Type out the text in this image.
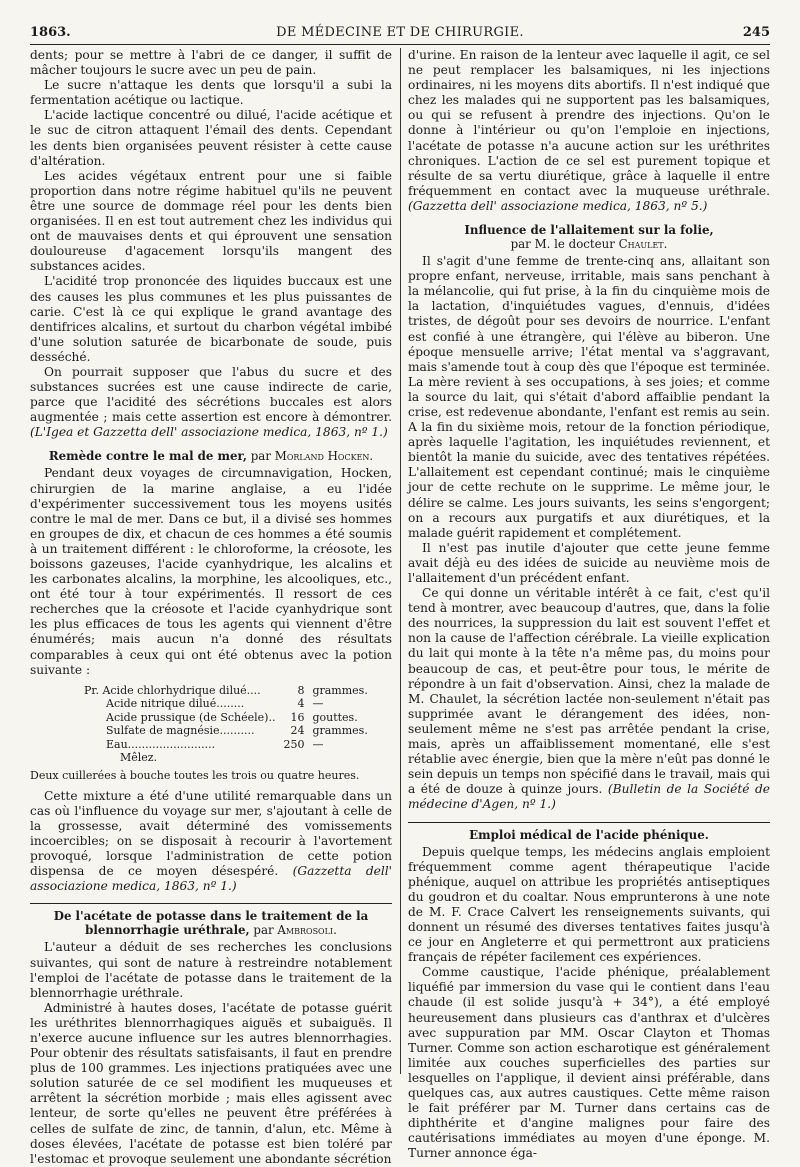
1863.	DE MÉDECINE ET DE CHIRURGIE.	245

dents; pour se mettre à l'abri de ce danger, il suffit de mâcher toujours le sucre avec un peu de pain.

Le sucre n'attaque les dents que lorsqu'il a subi la fermentation acétique ou lactique.

L'acide lactique concentré ou dilué, l'acide acétique et le suc de citron attaquent l'émail des dents. Cependant les dents bien organisées peuvent résister à cette cause d'altération.

Les acides végétaux entrent pour une si faible proportion dans notre régime habituel qu'ils ne peuvent être une source de dommage réel pour les dents bien organisées. Il en est tout autrement chez les individus qui ont de mauvaises dents et qui éprouvent une sensation douloureuse d'agacement lorsqu'ils mangent des substances acides.

L'acidité trop prononcée des liquides buccaux est une des causes les plus communes et les plus puissantes de carie. C'est là ce qui explique le grand avantage des dentifrices alcalins, et surtout du charbon végétal imbibé d'une solution saturée de bicarbonate de soude, puis desséché.

On pourrait supposer que l'abus du sucre et des substances sucrées est une cause indirecte de carie, parce que l'acidité des sécrétions buccales est alors augmentée ; mais cette assertion est encore à démontrer. (L'Igea et Gazzetta dell' associazione medica, 1863, nº 1.)

Remède contre le mal de mer, par Morland Hocken.

Pendant deux voyages de circumnavigation, Hocken, chirurgien de la marine anglaise, a eu l'idée d'expérimenter successivement tous les moyens usités contre le mal de mer. Dans ce but, il a divisé ses hommes en groupes de dix, et chacun de ces hommes a été soumis à un traitement différent : le chloroforme, la créosote, les boissons gazeuses, l'acide cyanhydrique, les alcalins et les carbonates alcalins, la morphine, les alcooliques, etc., ont été tour à tour expérimentés. Il ressort de ces recherches que la créosote et l'acide cyanhydrique sont les plus efficaces de tous les agents qui viennent d'être énumérés; mais aucun n'a donné des résultats comparables à ceux qui ont été obtenus avec la potion suivante :

Pr. Acide chlorhydrique dilué....	8	grammes.
Acide nitrique dilué........	4	—
Acide prussique (de Schéele)..	16	gouttes.
Sulfate de magnésie..........	24	grammes.
Eau.........................	250	—
Mêlez.		

Deux cuillerées à bouche toutes les trois ou quatre heures.

Cette mixture a été d'une utilité remarquable dans un cas où l'influence du voyage sur mer, s'ajoutant à celle de la grossesse, avait déterminé des vomissements incoercibles; on se disposait à recourir à l'avortement provoqué, lorsque l'administration de cette potion dispensa de ce moyen désespéré. (Gazzetta dell' associazione medica, 1863, nº 1.)

De l'acétate de potasse dans le traitement de la blennorrhagie uréthrale, par Ambrosoli.

L'auteur a déduit de ses recherches les conclusions suivantes, qui sont de nature à restreindre notablement l'emploi de l'acétate de potasse dans le traitement de la blennorrhagie uréthrale.

Administré à hautes doses, l'acétate de potasse guérit les uréthrites blennorrhagiques aiguës et subaiguës. Il n'exerce aucune influence sur les autres blennorrhagies. Pour obtenir des résultats satisfaisants, il faut en prendre plus de 100 grammes. Les injections pratiquées avec une solution saturée de ce sel modifient les muqueuses et arrêtent la sécrétion morbide ; mais elles agissent avec lenteur, de sorte qu'elles ne peuvent être préférées à celles de sulfate de zinc, de tannin, d'alun, etc. Même à doses élevées, l'acétate de potasse est bien toléré par l'estomac et provoque seulement une abondante sécrétion

d'urine. En raison de la lenteur avec laquelle il agit, ce sel ne peut remplacer les balsamiques, ni les injections ordinaires, ni les moyens dits abortifs. Il n'est indiqué que chez les malades qui ne supportent pas les balsamiques, ou qui se refusent à prendre des injections. Qu'on le donne à l'intérieur ou qu'on l'emploie en injections, l'acétate de potasse n'a aucune action sur les uréthrites chroniques. L'action de ce sel est purement topique et résulte de sa vertu diurétique, grâce à laquelle il entre fréquemment en contact avec la muqueuse uréthrale. (Gazzetta dell' associazione medica, 1863, nº 5.)

Influence de l'allaitement sur la folie,
par M. le docteur Chaulet.

Il s'agit d'une femme de trente-cinq ans, allaitant son propre enfant, nerveuse, irritable, mais sans penchant à la mélancolie, qui fut prise, à la fin du cinquième mois de la lactation, d'inquiétudes vagues, d'ennuis, d'idées tristes, de dégoût pour ses devoirs de nourrice. L'enfant est confié à une étrangère, qui l'élève au biberon. Une époque mensuelle arrive; l'état mental va s'aggravant, mais s'amende tout à coup dès que l'époque est terminée. La mère revient à ses occupations, à ses joies; et comme la source du lait, qui s'était d'abord affaiblie pendant la crise, est redevenue abondante, l'enfant est remis au sein. A la fin du sixième mois, retour de la fonction périodique, après laquelle l'agitation, les inquiétudes reviennent, et bientôt la manie du suicide, avec des tentatives répétées. L'allaitement est cependant continué; mais le cinquième jour de cette rechute on le supprime. Le même jour, le délire se calme. Les jours suivants, les seins s'engorgent; on a recours aux purgatifs et aux diurétiques, et la malade guérit rapidement et complétement.

Il n'est pas inutile d'ajouter que cette jeune femme avait déjà eu des idées de suicide au neuvième mois de l'allaitement d'un précédent enfant.

Ce qui donne un véritable intérêt à ce fait, c'est qu'il tend à montrer, avec beaucoup d'autres, que, dans la folie des nourrices, la suppression du lait est souvent l'effet et non la cause de l'affection cérébrale. La vieille explication du lait qui monte à la tête n'a même pas, du moins pour beaucoup de cas, et peut-être pour tous, le mérite de répondre à un fait d'observation. Ainsi, chez la malade de M. Chaulet, la sécrétion lactée non-seulement n'était pas supprimée avant le dérangement des idées, non-seulement même ne s'est pas arrêtée pendant la crise, mais, après un affaiblissement momentané, elle s'est rétablie avec énergie, bien que la mère n'eût pas donné le sein depuis un temps non spécifié dans le travail, mais qui a été de douze à quinze jours. (Bulletin de la Société de médecine d'Agen, nº 1.)

Emploi médical de l'acide phénique.

Depuis quelque temps, les médecins anglais emploient fréquemment comme agent thérapeutique l'acide phénique, auquel on attribue les propriétés antiseptiques du goudron et du coaltar. Nous emprunterons à une note de M. F. Crace Calvert les renseignements suivants, qui donnent un résumé des diverses tentatives faites jusqu'à ce jour en Angleterre et qui permettront aux praticiens français de répéter facilement ces expériences.

Comme caustique, l'acide phénique, préalablement liquéfié par immersion du vase qui le contient dans l'eau chaude (il est solide jusqu'à + 34°), a été employé heureusement dans plusieurs cas d'anthrax et d'ulcères avec suppuration par MM. Oscar Clayton et Thomas Turner. Comme son action escharotique est généralement limitée aux couches superficielles des parties sur lesquelles on l'applique, il devient ainsi préférable, dans quelques cas, aux autres caustiques. Cette même raison le fait préférer par M. Turner dans certains cas de diphthérite et d'angine malignes pour faire des cautérisations immédiates au moyen d'une éponge. M. Turner annonce éga-
